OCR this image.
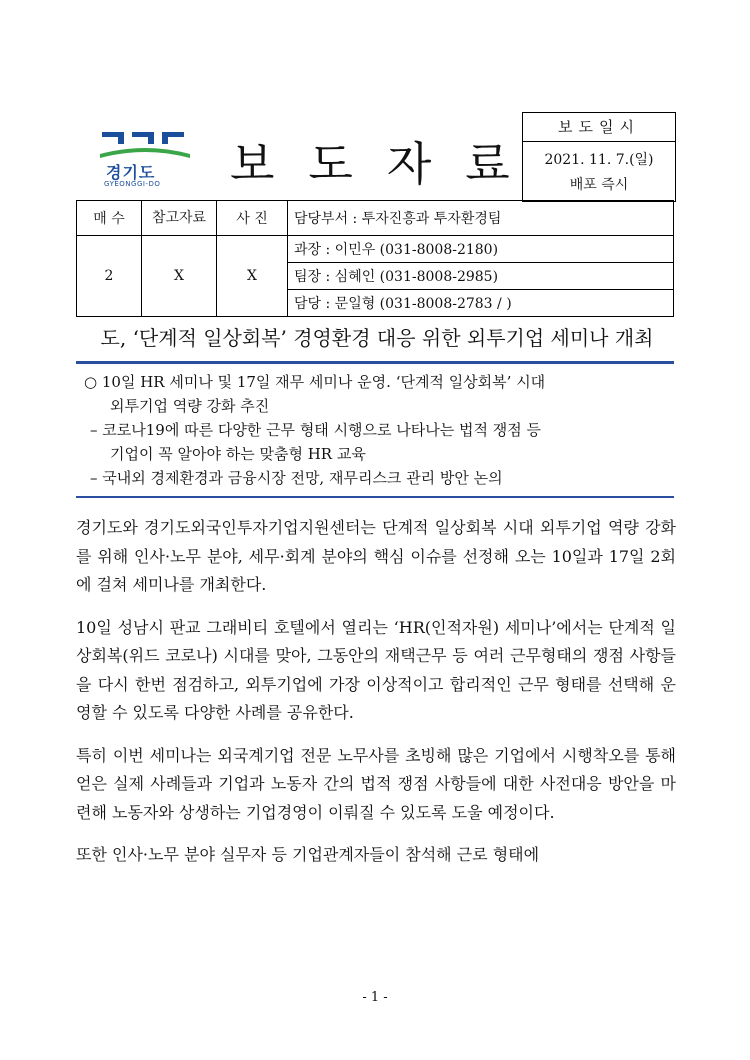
경기도
GYEONGGI-DO 보도자료
보도일시
2021. 11. 7.(일)
배포 즉시
매 수	참고자료	사 진	담당부서 : 투자진흥과 투자환경팀
2	X	X	과장 : 이민우 (031-8008-2180)
			팀장 : 심혜인 (031-8008-2985)
			담당 : 문일형 (031-8008-2783 / )
도, ‘단계적 일상회복’ 경영환경 대응 위한 외투기업 세미나 개최
○ 10일 HR 세미나 및 17일 재무 세미나 운영. ‘단계적 일상회복’ 시대
외투기업 역량 강화 추진
– 코로나19에 따른 다양한 근무 형태 시행으로 나타나는 법적 쟁점 등
기업이 꼭 알아야 하는 맞춤형 HR 교육
– 국내외 경제환경과 금융시장 전망, 재무리스크 관리 방안 논의

경기도와 경기도외국인투자기업지원센터는 단계적 일상회복 시대 외투기업 역량 강화를 위해 인사·노무 분야, 세무·회계 분야의 핵심 이슈를 선정해 오는 10일과 17일 2회에 걸쳐 세미나를 개최한다.

10일 성남시 판교 그래비티 호텔에서 열리는 ‘HR(인적자원) 세미나’에서는 단계적 일상회복(위드 코로나) 시대를 맞아, 그동안의 재택근무 등 여러 근무형태의 쟁점 사항들을 다시 한번 점검하고, 외투기업에 가장 이상적이고 합리적인 근무 형태를 선택해 운영할 수 있도록 다양한 사례를 공유한다.

특히 이번 세미나는 외국계기업 전문 노무사를 초빙해 많은 기업에서 시행착오를 통해 얻은 실제 사례들과 기업과 노동자 간의 법적 쟁점 사항들에 대한 사전대응 방안을 마련해 노동자와 상생하는 기업경영이 이뤄질 수 있도록 도울 예정이다.

또한 인사·노무 분야 실무자 등 기업관계자들이 참석해 근로 형태에

- 1 -
